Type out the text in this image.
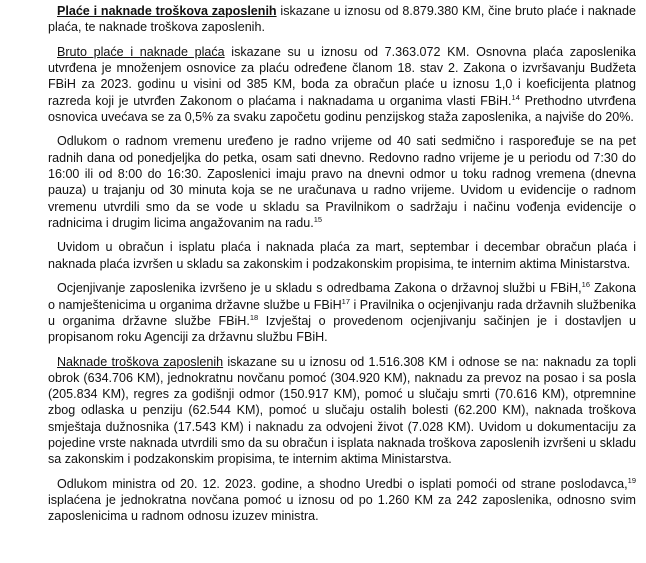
Plaće i naknade troškova zaposlenih iskazane u iznosu od 8.879.380 KM, čine bruto plaće i naknade plaća, te naknade troškova zaposlenih.

Bruto plaće i naknade plaća iskazane su u iznosu od 7.363.072 KM. Osnovna plaća zaposlenika utvrđena je množenjem osnovice za plaću određene članom 18. stav 2. Zakona o izvršavanju Budžeta FBiH za 2023. godinu u visini od 385 KM, boda za obračun plaće u iznosu 1,0 i koeficijenta platnog razreda koji je utvrđen Zakonom o plaćama i naknadama u organima vlasti FBiH.$^{14}$ Prethodno utvrđena osnovica uvećava se za 0,5% za svaku započetu godinu penzijskog staža zaposlenika, a najviše do 20%.

Odlukom o radnom vremenu uređeno je radno vrijeme od 40 sati sedmično i raspoređuje se na pet radnih dana od ponedjeljka do petka, osam sati dnevno. Redovno radno vrijeme je u periodu od 7:30 do 16:00 ili od 8:00 do 16:30. Zaposlenici imaju pravo na dnevni odmor u toku radnog vremena (dnevna pauza) u trajanju od 30 minuta koja se ne uračunava u radno vrijeme. Uvidom u evidencije o radnom vremenu utvrdili smo da se vode u skladu sa Pravilnikom o sadržaju i načinu vođenja evidencije o radnicima i drugim licima angažovanim na radu.$^{15}$

Uvidom u obračun i isplatu plaća i naknada plaća za mart, septembar i decembar obračun plaća i naknada plaća izvršen u skladu sa zakonskim i podzakonskim propisima, te internim aktima Ministarstva.

Ocjenjivanje zaposlenika izvršeno je u skladu s odredbama Zakona o državnoj službi u FBiH,$^{16}$ Zakona o namještenicima u organima državne službe u FBiH$^{17}$ i Pravilnika o ocjenjivanju rada državnih službenika u organima državne službe FBiH.$^{18}$ Izvještaj o provedenom ocjenjivanju sačinjen je i dostavljen u propisanom roku Agenciji za državnu službu FBiH.

Naknade troškova zaposlenih iskazane su u iznosu od 1.516.308 KM i odnose se na: naknadu za topli obrok (634.706 KM), jednokratnu novčanu pomoć (304.920 KM), naknadu za prevoz na posao i sa posla (205.834 KM), regres za godišnji odmor (150.917 KM), pomoć u slučaju smrti (70.616 KM), otpremnine zbog odlaska u penziju (62.544 KM), pomoć u slučaju ostalih bolesti (62.200 KM), naknada troškova smještaja dužnosnika (17.543 KM) i naknadu za odvojeni život (7.028 KM). Uvidom u dokumentaciju za pojedine vrste naknada utvrdili smo da su obračun i isplata naknada troškova zaposlenih izvršeni u skladu sa zakonskim i podzakonskim propisima, te internim aktima Ministarstva.

Odlukom ministra od 20. 12. 2023. godine, a shodno Uredbi o isplati pomoći od strane poslodavca,$^{19}$ isplaćena je jednokratna novčana pomoć u iznosu od po 1.260 KM za 242 zaposlenika, odnosno svim zaposlenicima u radnom odnosu izuzev ministra.
